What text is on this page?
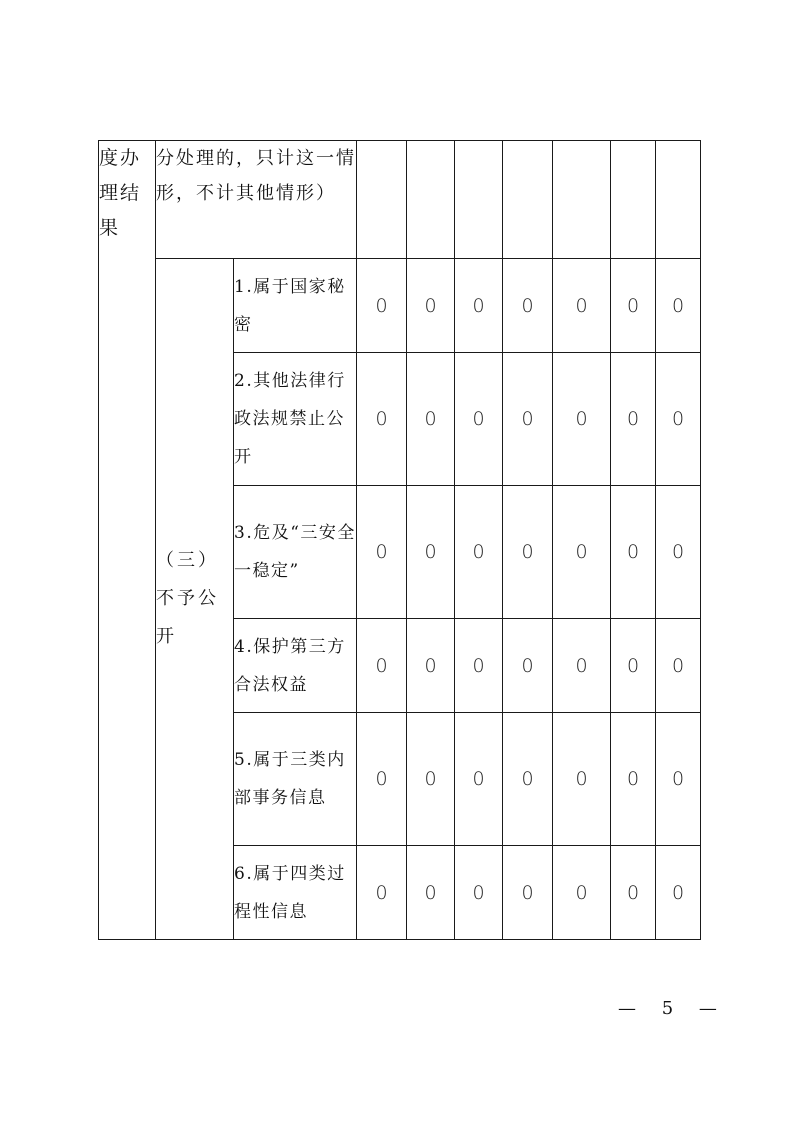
度办理结果	分处理的，只计这一情形，不计其他情形）								
	（三）不予公开	1.属于国家秘密	0	0	0	0	0	0	0
		2.其他法律行政法规禁止公开	0	0	0	0	0	0	0
		3.危及“三安全一稳定”	0	0	0	0	0	0	0
		4.保护第三方合法权益	0	0	0	0	0	0	0
		5.属于三类内部事务信息	0	0	0	0	0	0	0
		6.属于四类过程性信息	0	0	0	0	0	0	0
— 5 —
